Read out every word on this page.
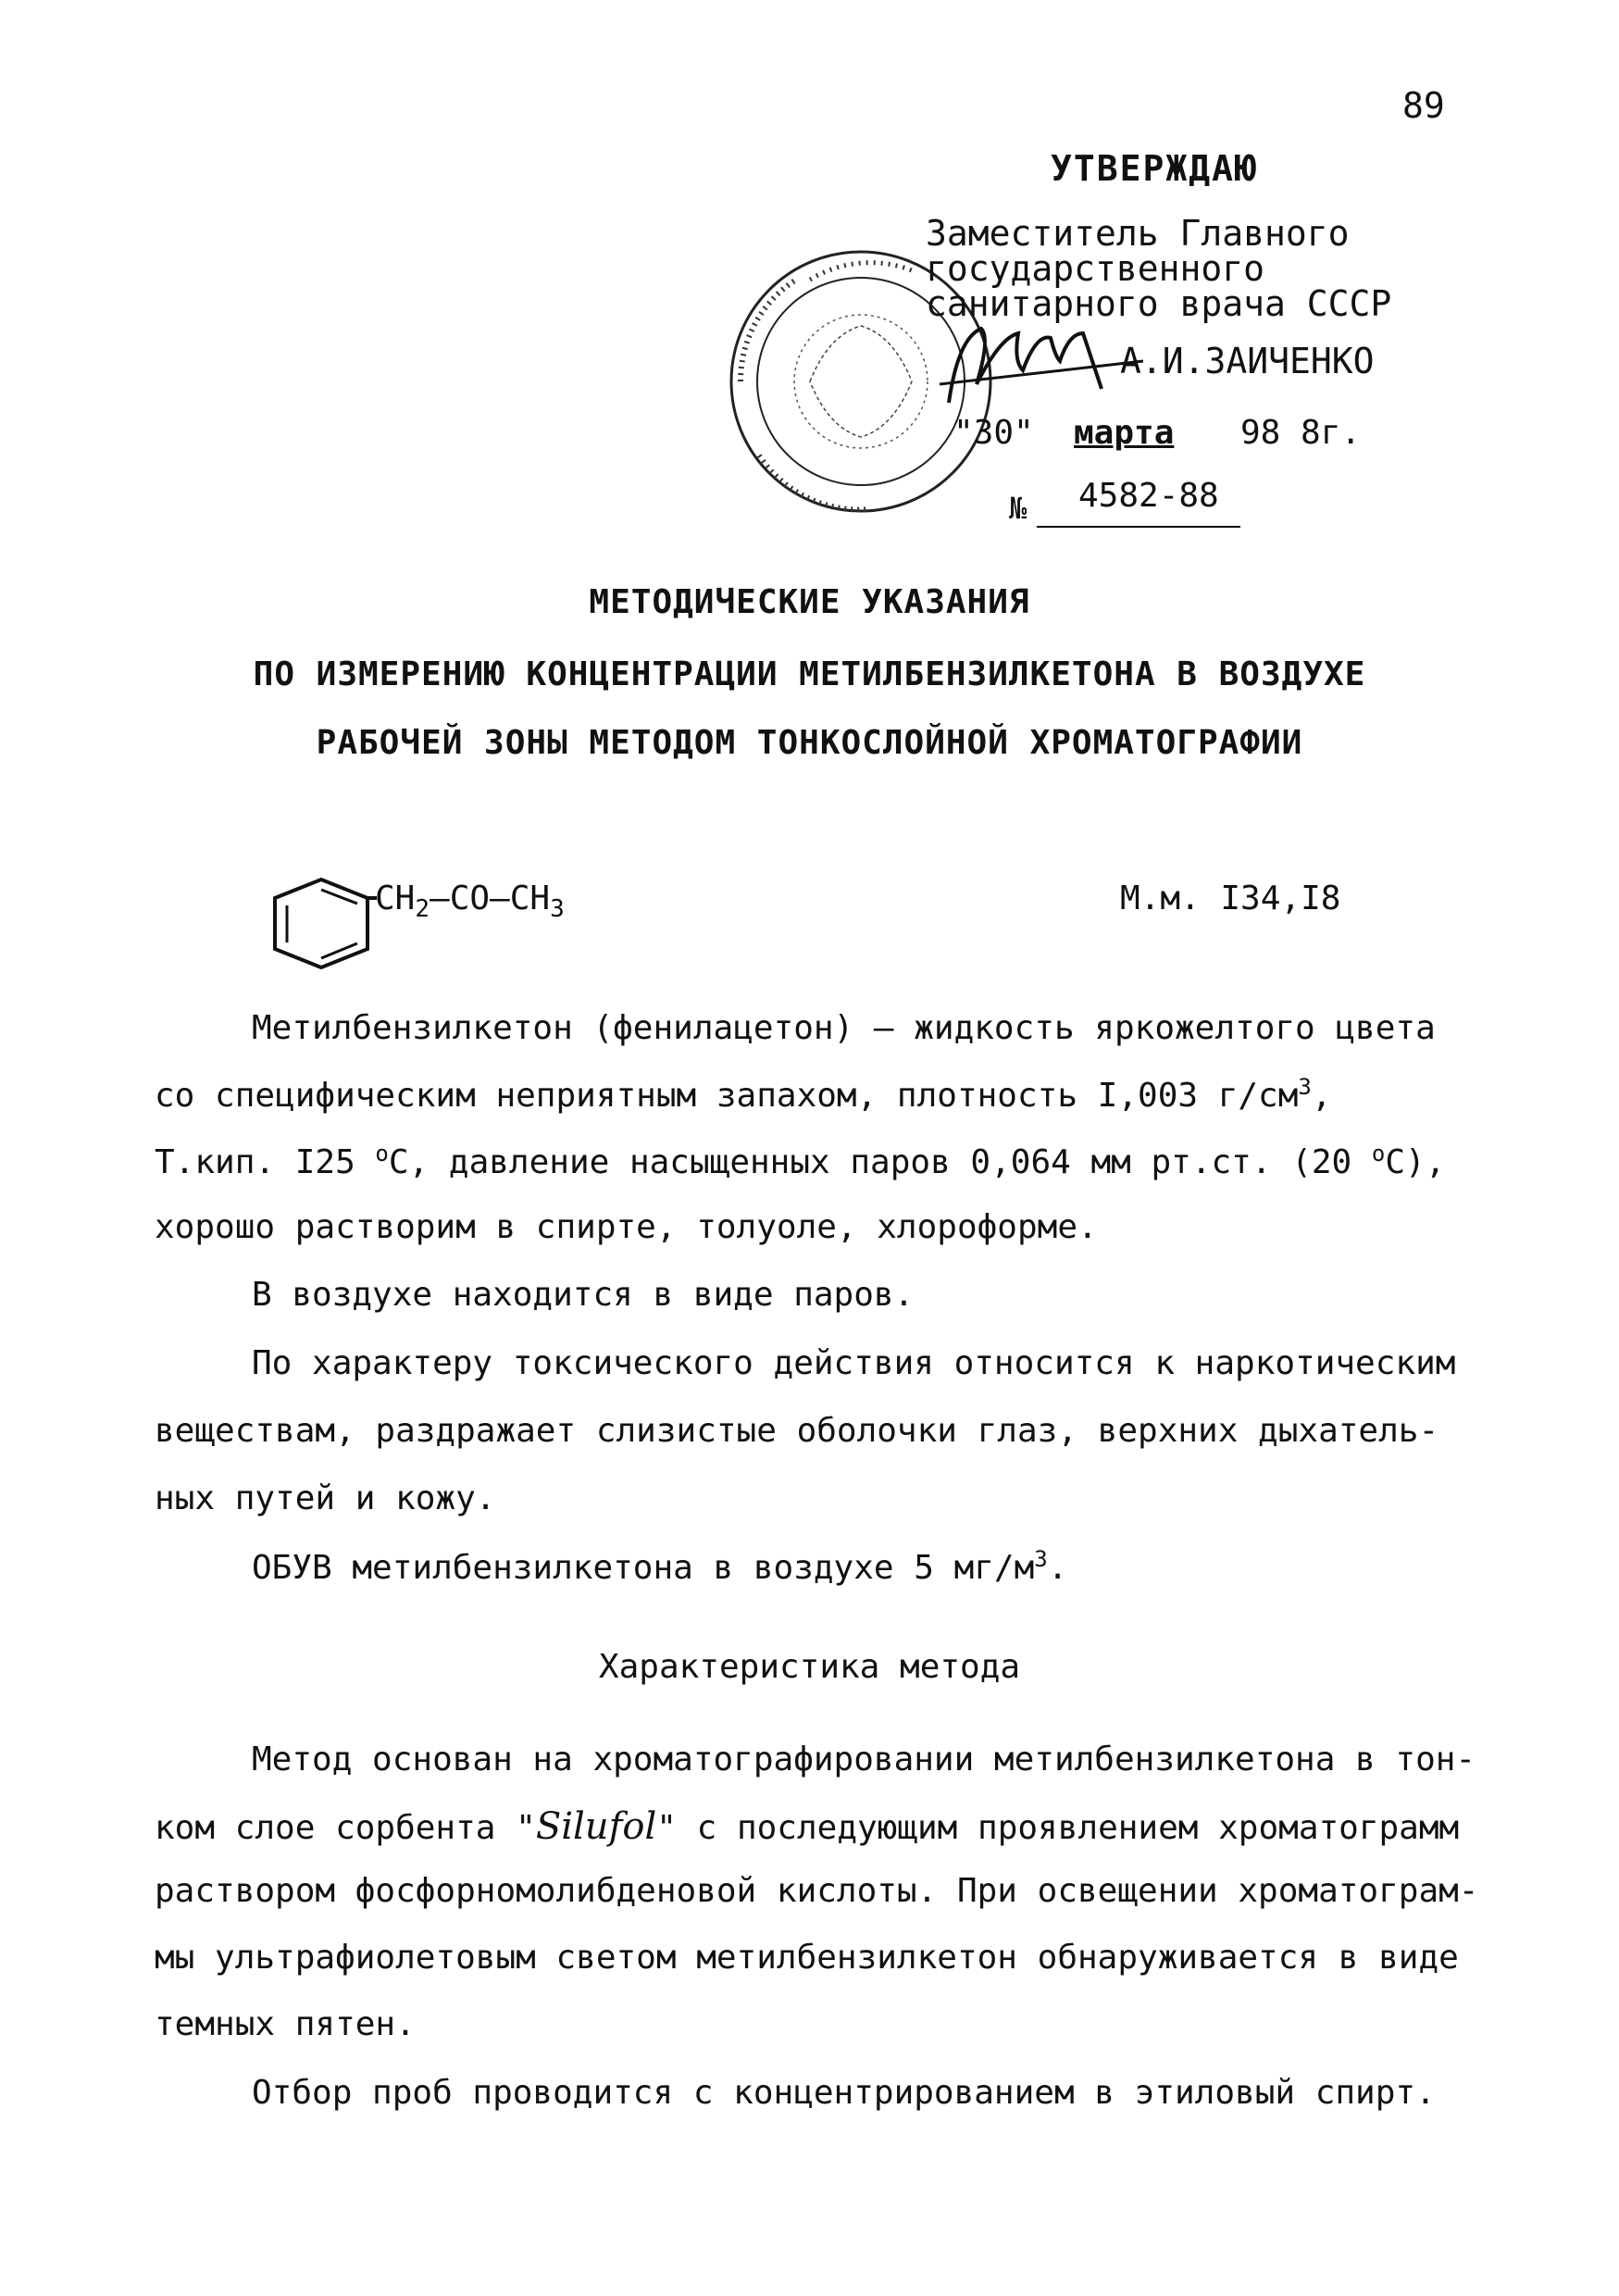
89
УТВЕРЖДАЮ
Заместитель Главного
государственного
санитарного врача СССР
А.И.ЗАИЧЕНКО
"30" марта 98 8г.
№ 4582-88
МЕТОДИЧЕСКИЕ УКАЗАНИЯ
ПО ИЗМЕРЕНИЮ КОНЦЕНТРАЦИИ МЕТИЛБЕНЗИЛКЕТОНА В ВОЗДУХЕ
РАБОЧЕЙ ЗОНЫ МЕТОДОМ ТОНКОСЛОЙНОЙ ХРОМАТОГРАФИИ
$CH_2-CO-CH_3$	М.м. I34,I8
Метилбензилкетон (фенилацетон) – жидкость яркожелтого цвета
со специфическим неприятным запахом, плотность I,003 $г/см^3$,
Т.кип. I25 $^о$С, давление насыщенных паров 0,064 мм рт.ст. (20 $^о$С),
хорошо растворим в спирте, толуоле, хлороформе.
В воздухе находится в виде паров.
По характеру токсического действия относится к наркотическим
веществам, раздражает слизистые оболочки глаз, верхних дыхатель-
ных путей и кожу.
ОБУВ метилбензилкетона в воздухе 5 $мг/м^3$.
Характеристика метода
Метод основан на хроматографировании метилбензилкетона в тон-
ком слое сорбента "Silufol" с последующим проявлением хроматограмм
раствором фосфорномолибденовой кислоты. При освещении хроматограм-
мы ультрафиолетовым светом метилбензилкетон обнаруживается в виде
темных пятен.
Отбор проб проводится с концентрированием в этиловый спирт.
